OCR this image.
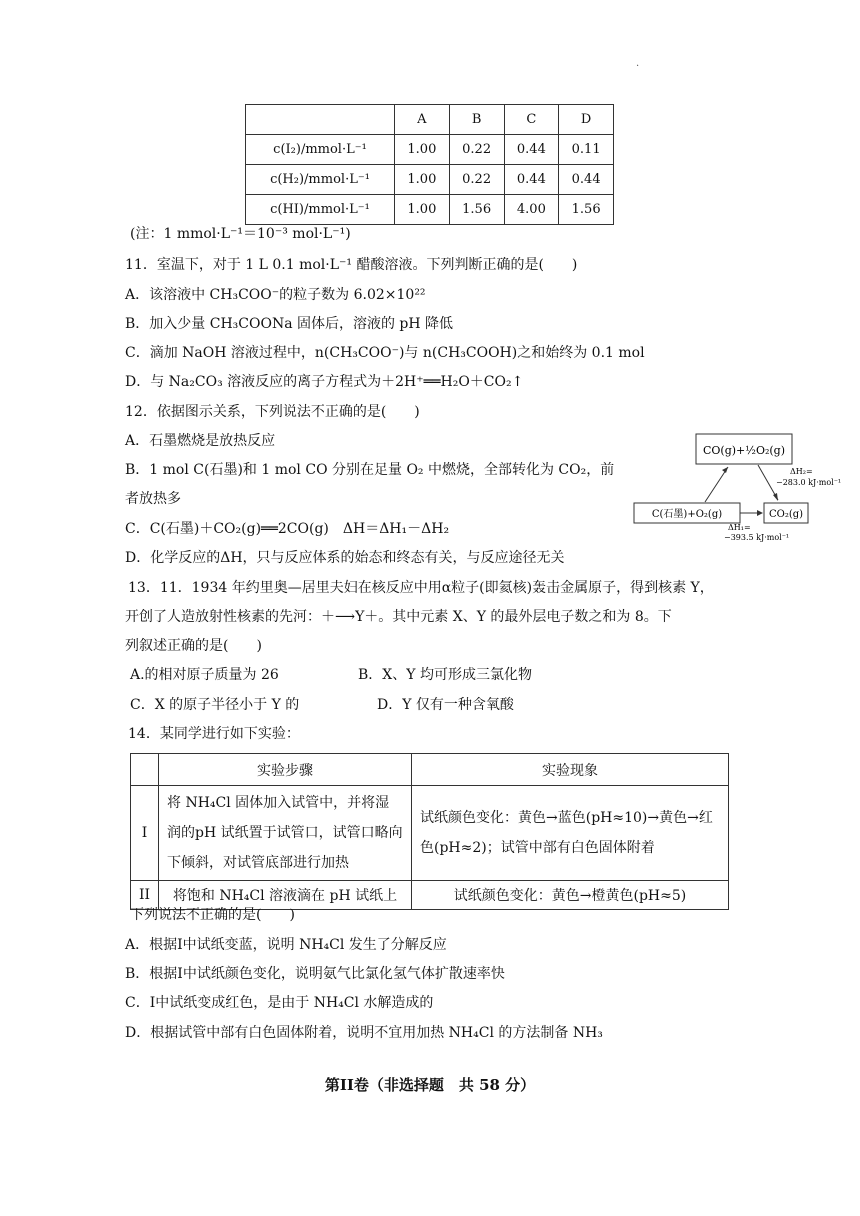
.
	A	B	C	D
c(I₂)/mmol·L⁻¹	1.00	0.22	0.44	0.11
c(H₂)/mmol·L⁻¹	1.00	0.22	0.44	0.44
c(HI)/mmol·L⁻¹	1.00	1.56	4.00	1.56
(注：1 mmol·L⁻¹＝10⁻³ mol·L⁻¹)
11．室温下，对于 1 L 0.1 mol·L⁻¹ 醋酸溶液。下列判断正确的是(　　)
A．该溶液中 CH₃COO⁻的粒子数为 6.02×10²²
B．加入少量 CH₃COONa 固体后，溶液的 pH 降低
C．滴加 NaOH 溶液过程中，n(CH₃COO⁻)与 n(CH₃COOH)之和始终为 0.1 mol
D．与 Na₂CO₃ 溶液反应的离子方程式为＋2H⁺══H₂O＋CO₂↑
12．依据图示关系，下列说法不正确的是(　　)
A．石墨燃烧是放热反应
B．1 mol C(石墨)和 1 mol CO 分别在足量 O₂ 中燃烧，全部转化为 CO₂，前
者放热多
C．C(石墨)＋CO₂(g)══2CO(g)　ΔH＝ΔH₁－ΔH₂
D．化学反应的ΔH，只与反应体系的始态和终态有关，与反应途径无关
CO(g)+½O₂(g)
C(石墨)+O₂(g)	CO₂(g)
ΔH₂=
−283.0 kJ·mol⁻¹
ΔH₁=
−393.5 kJ·mol⁻¹
13．11．1934 年约里奥—居里夫妇在核反应中用α粒子(即氦核)轰击金属原子，得到核素 Y，
开创了人造放射性核素的先河：＋⟶Y＋。其中元素 X、Y 的最外层电子数之和为 8。下
列叙述正确的是(　　)
A.的相对原子质量为 26	B．X、Y 均可形成三氯化物
C．X 的原子半径小于 Y 的	D．Y 仅有一种含氧酸
14．某同学进行如下实验：
	实验步骤	实验现象
I	将 NH₄Cl 固体加入试管中，并将湿润的pH 试纸置于试管口，试管口略向下倾斜，对试管底部进行加热	试纸颜色变化：黄色→蓝色(pH≈10)→黄色→红色(pH≈2)；试管中部有白色固体附着
II	将饱和 NH₄Cl 溶液滴在 pH 试纸上	试纸颜色变化：黄色→橙黄色(pH≈5)
下列说法不正确的是(　　)
A．根据I中试纸变蓝，说明 NH₄Cl 发生了分解反应
B．根据I中试纸颜色变化，说明氨气比氯化氢气体扩散速率快
C．I中试纸变成红色，是由于 NH₄Cl 水解造成的
D．根据试管中部有白色固体附着，说明不宜用加热 NH₄Cl 的方法制备 NH₃
第II卷（非选择题　共 58 分）
